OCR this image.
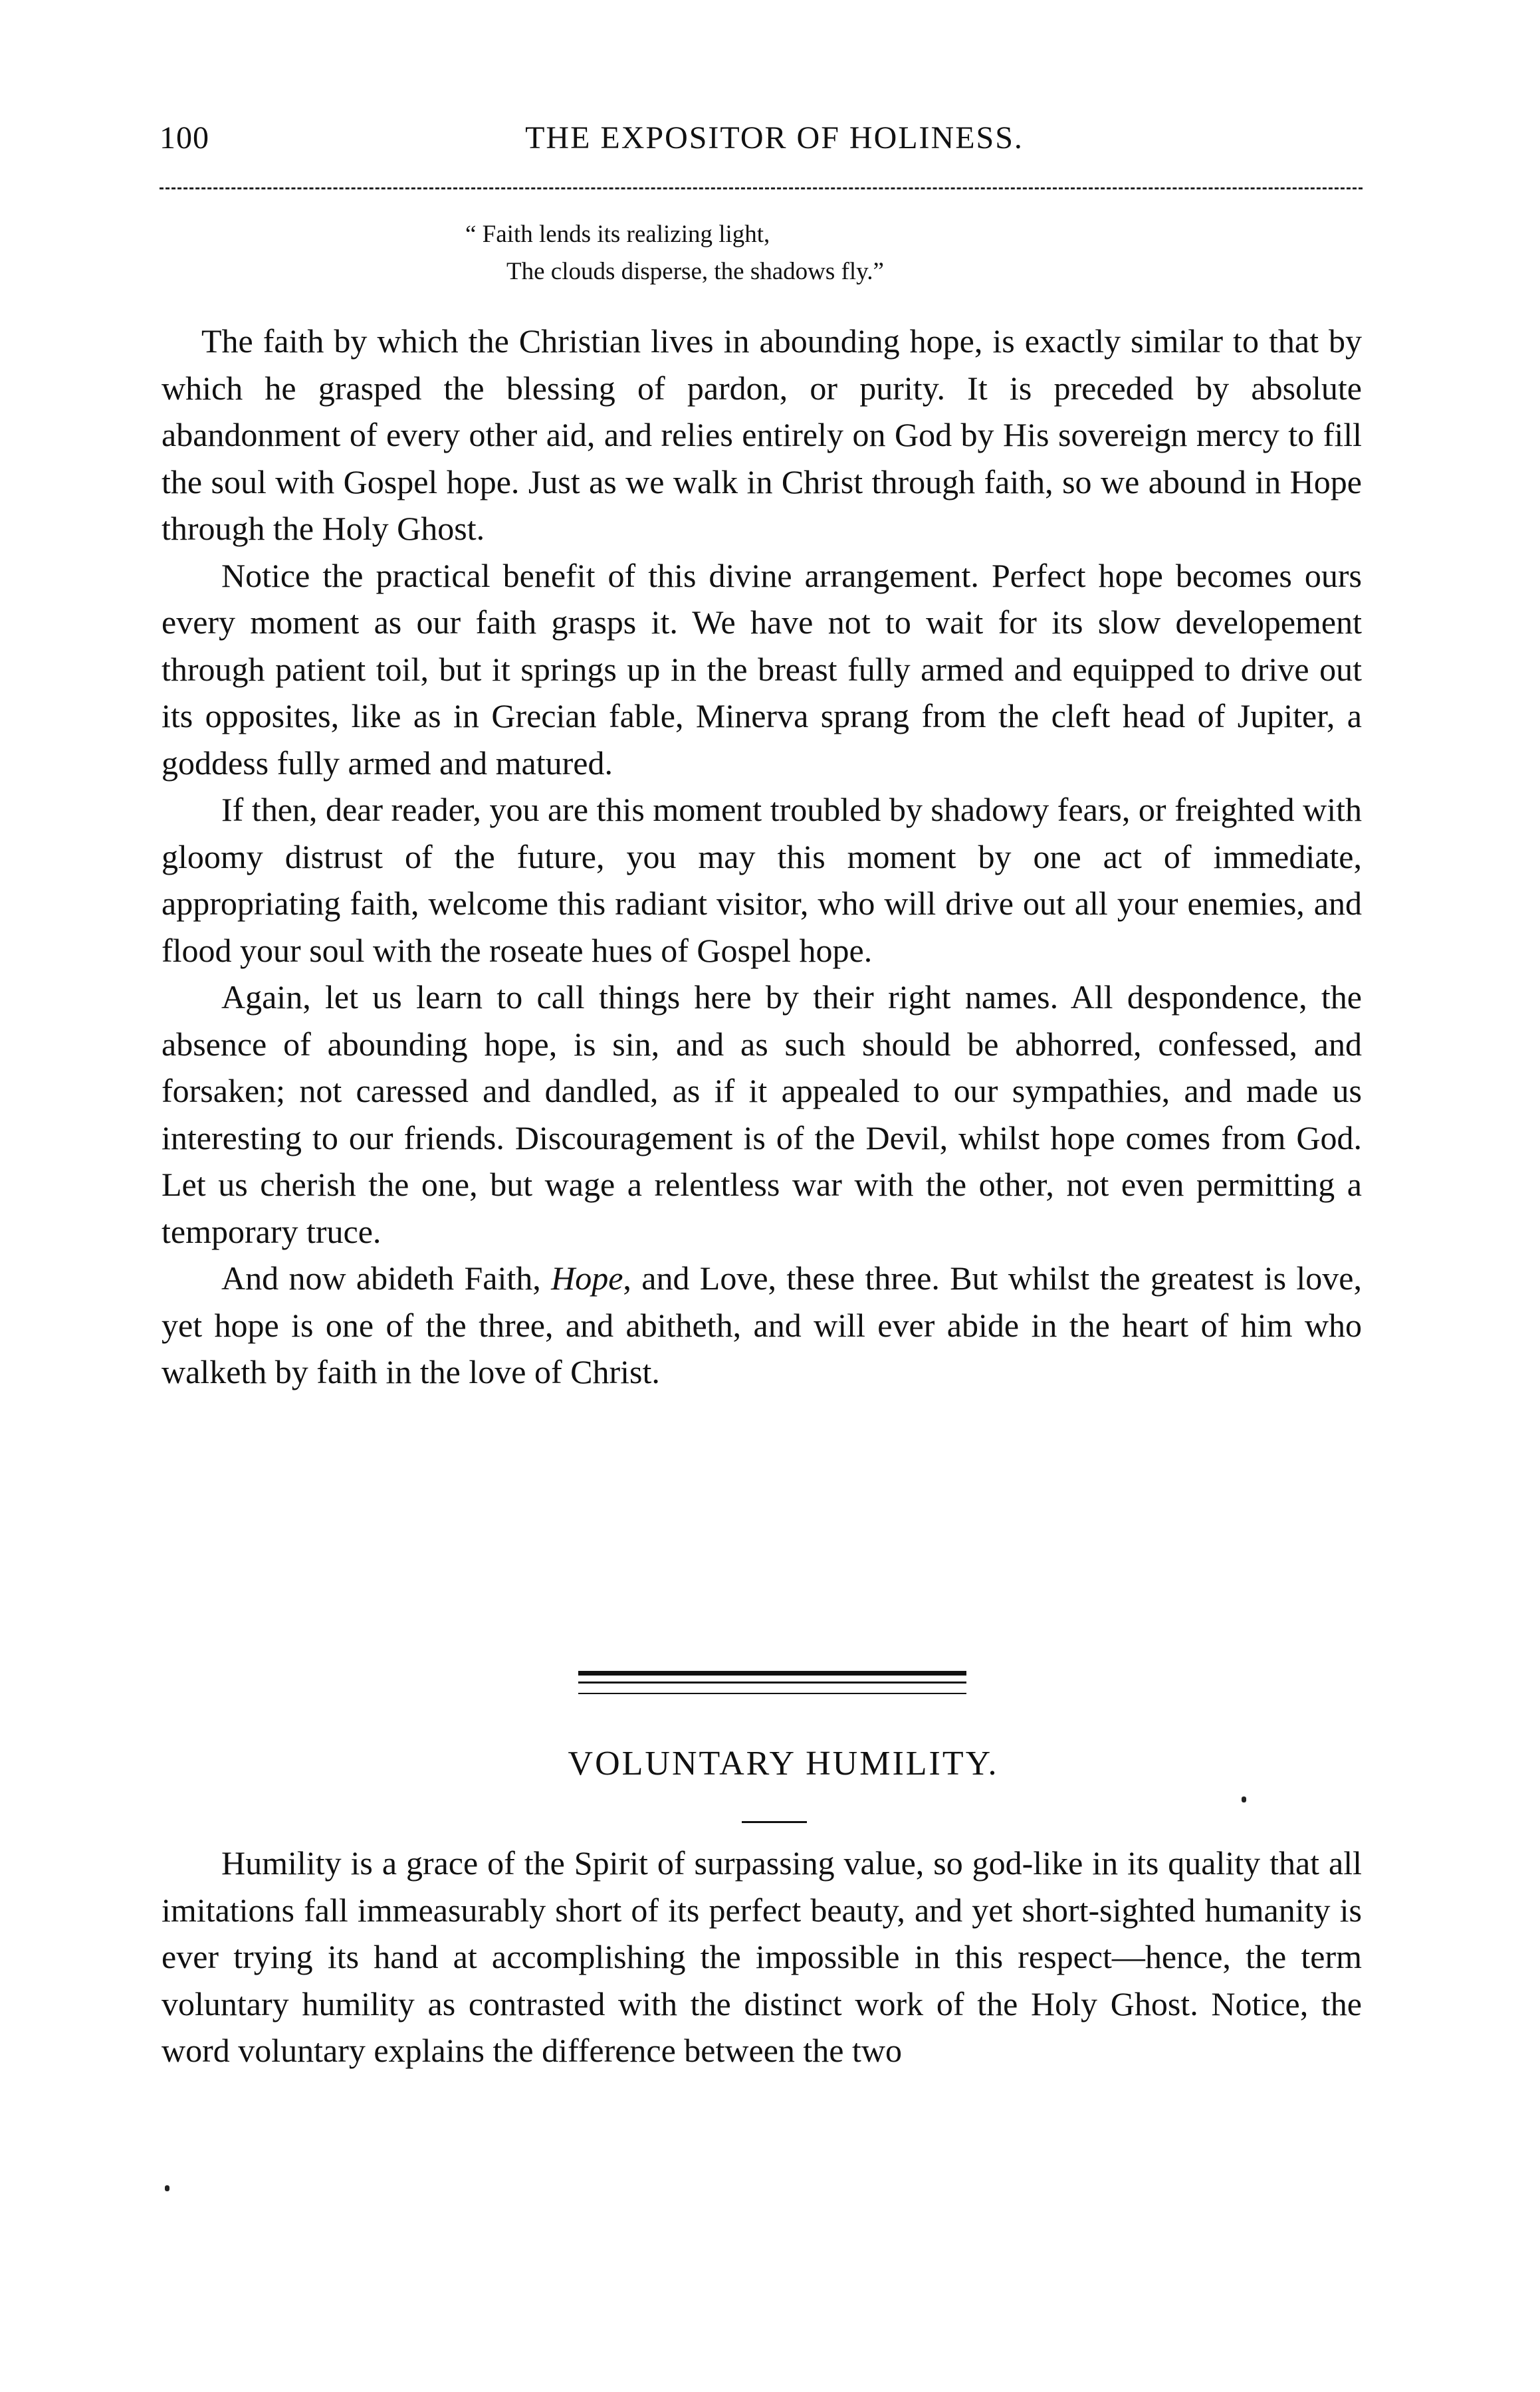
100	THE EXPOSITOR OF HOLINESS.
“ Faith lends its realizing light,
The clouds disperse, the shadows fly.”

The faith by which the Christian lives in abounding hope, is exactly similar to that by which he grasped the blessing of pardon, or purity. It is preceded by absolute abandonment of every other aid, and relies entirely on God by His sovereign mercy to fill the soul with Gospel hope. Just as we walk in Christ through faith, so we abound in Hope through the Holy Ghost.

Notice the practical benefit of this divine arrangement. Perfect hope becomes ours every moment as our faith grasps it. We have not to wait for its slow developement through patient toil, but it springs up in the breast fully armed and equipped to drive out its opposites, like as in Grecian fable, Minerva sprang from the cleft head of Jupiter, a goddess fully armed and matured.

If then, dear reader, you are this moment troubled by shadowy fears, or freighted with gloomy distrust of the future, you may this moment by one act of immediate, appropriating faith, welcome this radiant visitor, who will drive out all your enemies, and flood your soul with the roseate hues of Gospel hope.

Again, let us learn to call things here by their right names. All despondence, the absence of abounding hope, is sin, and as such should be abhorred, confessed, and forsaken; not caressed and dandled, as if it appealed to our sympathies, and made us interesting to our friends. Discouragement is of the Devil, whilst hope comes from God. Let us cherish the one, but wage a relentless war with the other, not even permitting a temporary truce.

And now abideth Faith, Hope, and Love, these three. But whilst the greatest is love, yet hope is one of the three, and abitheth, and will ever abide in the heart of him who walketh by faith in the love of Christ.

VOLUNTARY HUMILITY.

Humility is a grace of the Spirit of surpassing value, so god-like in its quality that all imitations fall immeasurably short of its perfect beauty, and yet short-sighted humanity is ever trying its hand at accomplishing the impossible in this respect—hence, the term voluntary humility as contrasted with the distinct work of the Holy Ghost. Notice, the word voluntary explains the difference between the two
